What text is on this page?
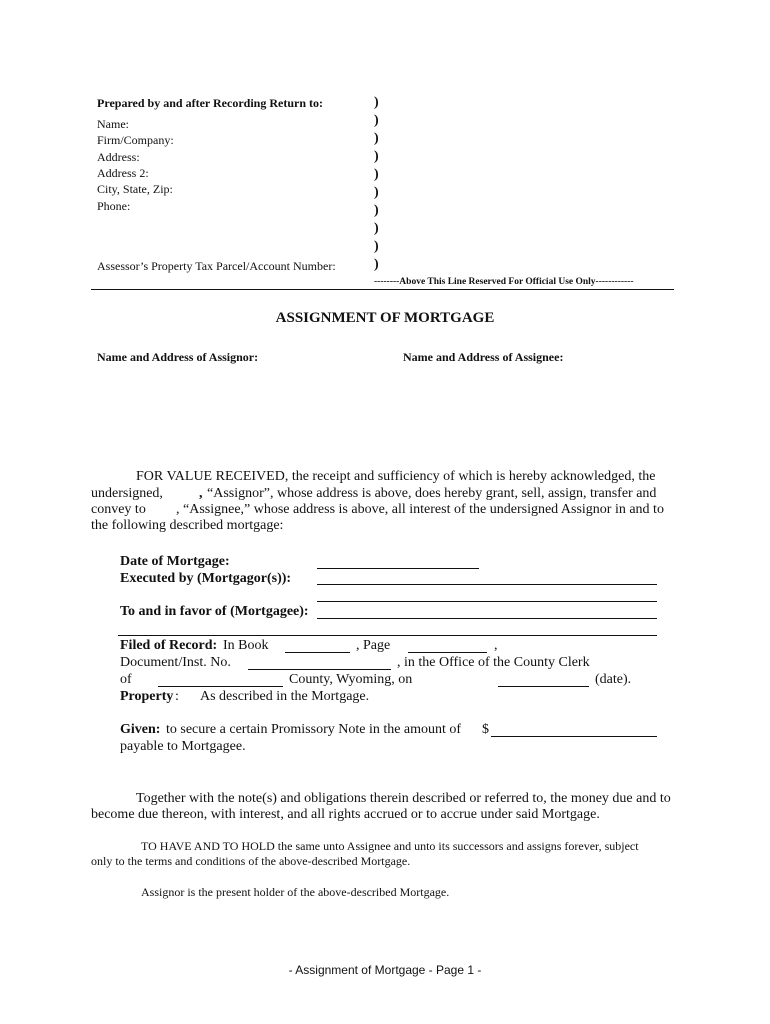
Prepared by and after Recording Return to:
Name:
Firm/Company:
Address:
Address 2:
City, State, Zip:
Phone:
Assessor’s Property Tax Parcel/Account Number:
)
)
)
)
)
)
)
)
)
)
--------Above This Line Reserved For Official Use Only------------
ASSIGNMENT OF MORTGAGE
Name and Address of Assignor:	Name and Address of Assignee:
FOR VALUE RECEIVED, the receipt and sufficiency of which is hereby acknowledged, the
undersigned,	, “Assignor”, whose address is above, does hereby grant, sell, assign, transfer and
convey to , “Assignee,” whose address is above, all interest of the undersigned Assignor in and to
the following described mortgage:
Date of Mortgage:
Executed by (Mortgagor(s)):
To and in favor of (Mortgagee):
Filed of Record: In Book	, Page	,
Document/Inst. No.	, in the Office of the County Clerk
of	County, Wyoming, on	(date).
Property : As described in the Mortgage.
Given: to secure a certain Promissory Note in the amount of $
payable to Mortgagee.
Together with the note(s) and obligations therein described or referred to, the money due and to
become due thereon, with interest, and all rights accrued or to accrue under said Mortgage.
TO HAVE AND TO HOLD the same unto Assignee and unto its successors and assigns forever, subject
only to the terms and conditions of the above-described Mortgage.
Assignor is the present holder of the above-described Mortgage.
- Assignment of Mortgage - Page 1 -
